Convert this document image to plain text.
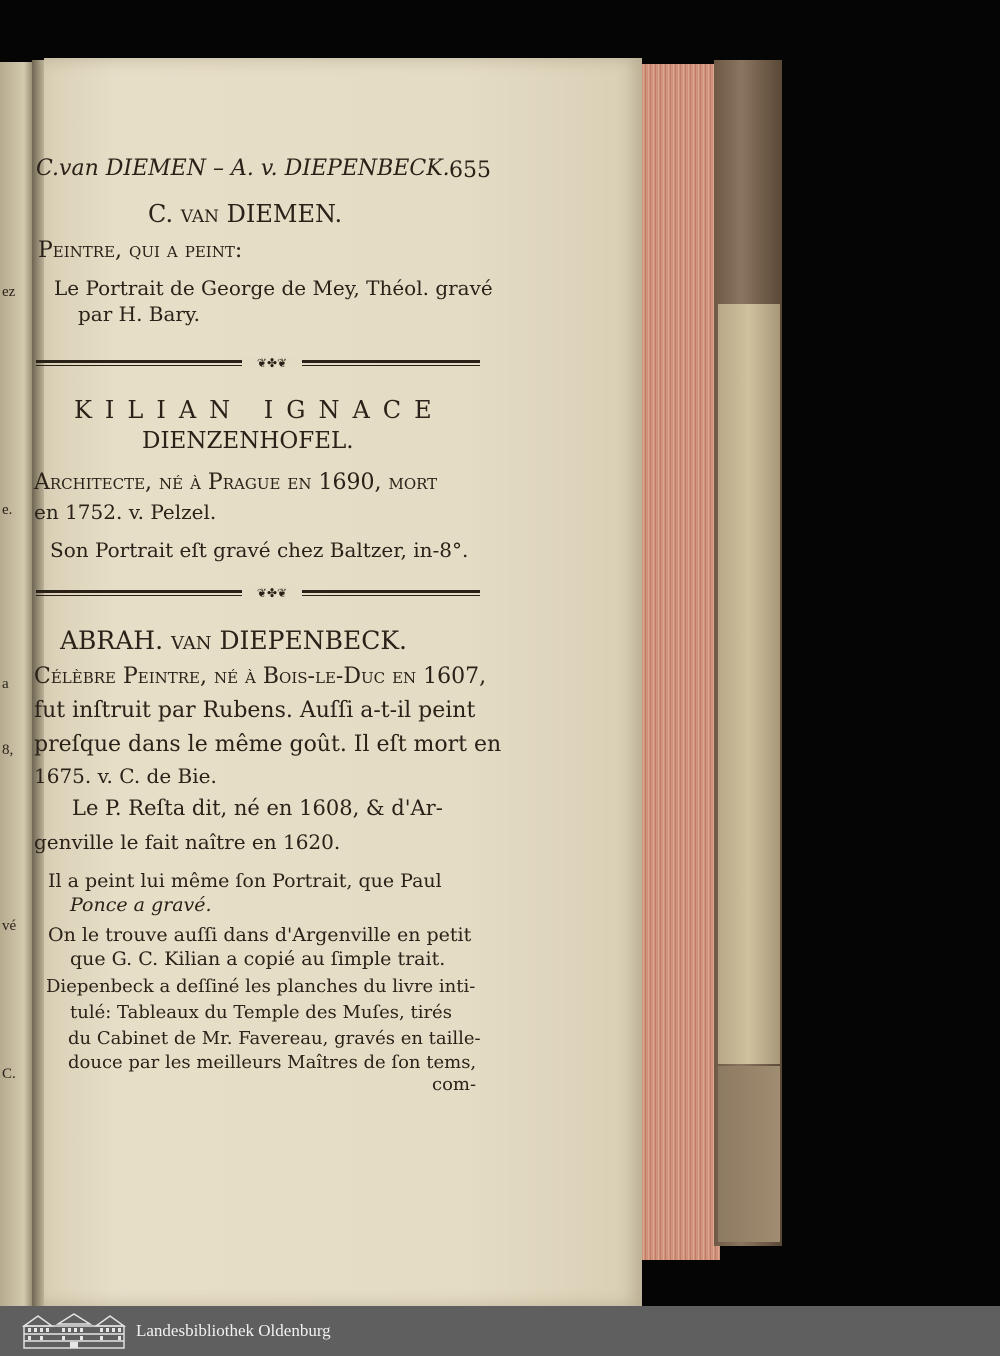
ez
e.
a
8,
vé
C.
C.van DIEMEN – A. v. DIEPENBECK. 655
C. van DIEMEN.
Peintre, qui a peint:
Le Portrait de George de Mey, Théol. gravé
par H. Bary.
❦✤❦
KILIAN IGNACE
DIENZENHOFEL.
Architecte, né à Prague en 1690, mort
en 1752. v. Pelzel.
Son Portrait eſt gravé chez Baltzer, in-8°.
❦✤❦
ABRAH. van DIEPENBECK.
Célèbre Peintre, né à Bois-le-Duc en 1607,
fut inſtruit par Rubens. Auſſi a-t-il peint
preſque dans le même goût. Il eſt mort en
1675. v. C. de Bie.
Le P. Reſta dit, né en 1608, & d'Ar-
genville le fait naître en 1620.
Il a peint lui même ſon Portrait, que Paul
Ponce a gravé.
On le trouve auſſi dans d'Argenville en petit
que G. C. Kilian a copié au ſimple trait.
Diepenbeck a deſſiné les planches du livre inti-
tulé: Tableaux du Temple des Muſes, tirés
du Cabinet de Mr. Favereau, gravés en taille-
douce par les meilleurs Maîtres de ſon tems,
com-
Landesbibliothek Oldenburg
